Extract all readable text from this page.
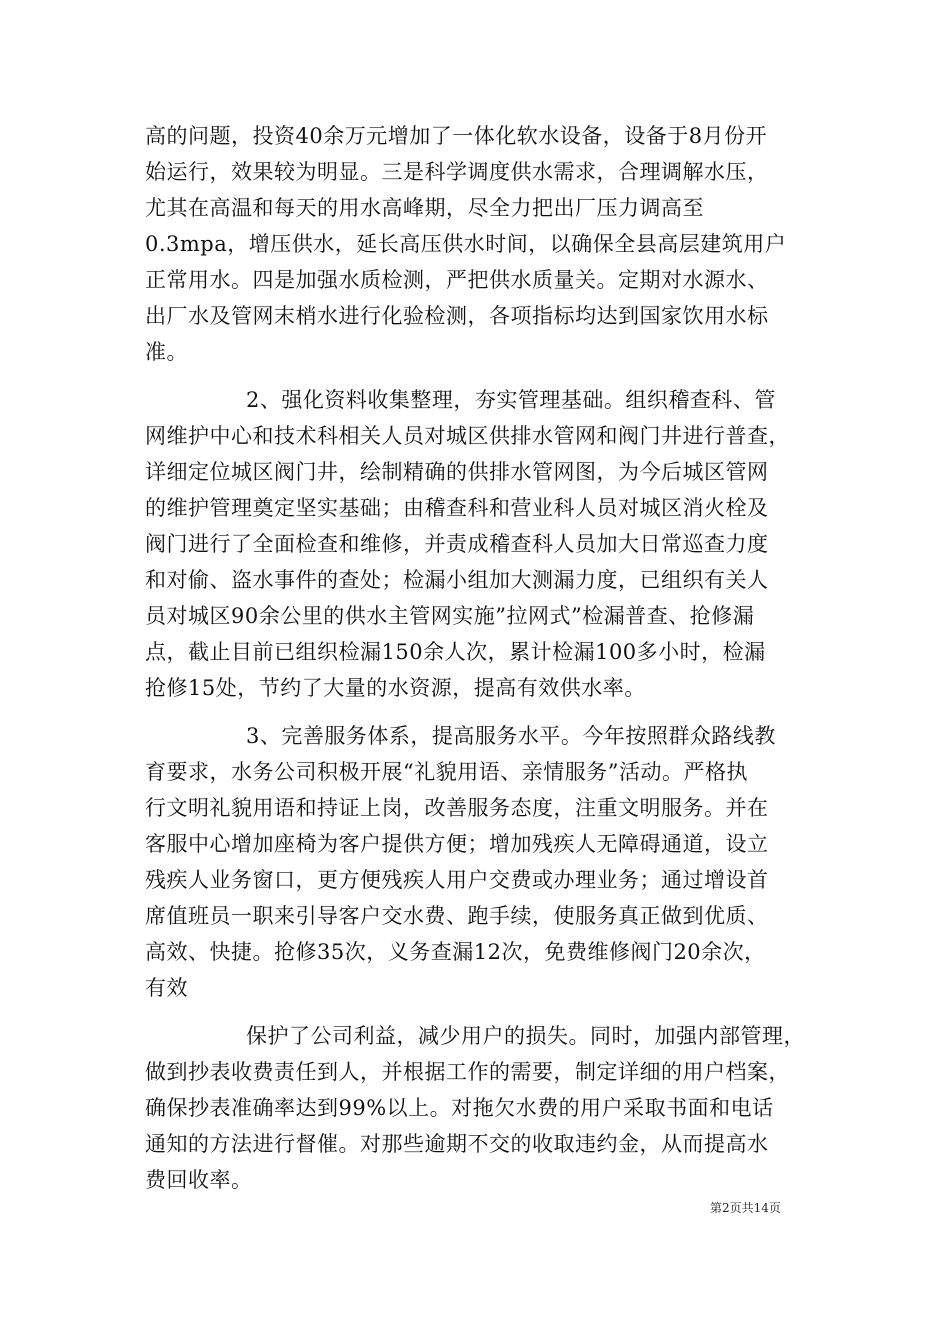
高的问题，投资40余万元增加了一体化软水设备，设备于8月份开
始运行，效果较为明显。三是科学调度供水需求，合理调解水压，
尤其在高温和每天的用水高峰期，尽全力把出厂压力调高至
0.3mpa，增压供水，延长高压供水时间，以确保全县高层建筑用户
正常用水。四是加强水质检测，严把供水质量关。定期对水源水、
出厂水及管网末梢水进行化验检测，各项指标均达到国家饮用水标
准。
2、强化资料收集整理，夯实管理基础。组织稽查科、管
网维护中心和技术科相关人员对城区供排水管网和阀门井进行普查，
详细定位城区阀门井，绘制精确的供排水管网图，为今后城区管网
的维护管理奠定坚实基础；由稽查科和营业科人员对城区消火栓及
阀门进行了全面检查和维修，并责成稽查科人员加大日常巡查力度
和对偷、盗水事件的查处；检漏小组加大测漏力度，已组织有关人
员对城区90余公里的供水主管网实施”拉网式”检漏普查、抢修漏
点，截止目前已组织检漏150余人次，累计检漏100多小时，检漏
抢修15处，节约了大量的水资源，提高有效供水率。
3、完善服务体系，提高服务水平。今年按照群众路线教
育要求，水务公司积极开展“礼貌用语、亲情服务”活动。严格执
行文明礼貌用语和持证上岗，改善服务态度，注重文明服务。并在
客服中心增加座椅为客户提供方便；增加残疾人无障碍通道，设立
残疾人业务窗口，更方便残疾人用户交费或办理业务；通过增设首
席值班员一职来引导客户交水费、跑手续，使服务真正做到优质、
高效、快捷。抢修35次，义务查漏12次，免费维修阀门20余次，
有效
保护了公司利益，减少用户的损失。同时，加强内部管理，
做到抄表收费责任到人，并根据工作的需要，制定详细的用户档案，
确保抄表准确率达到99%以上。对拖欠水费的用户采取书面和电话
通知的方法进行督催。对那些逾期不交的收取违约金，从而提高水
费回收率。
第2页共14页
